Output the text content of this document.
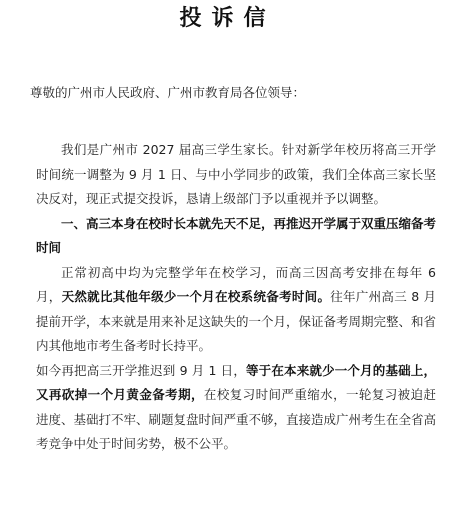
投诉信
尊敬的广州市人民政府、广州市教育局各位领导：

我们是广州市 2027 届高三学生家长。针对新学年校历将高三开学时间统一调整为 9 月 1 日、与中小学同步的政策，我们全体高三家长坚决反对，现正式提交投诉，恳请上级部门予以重视并予以调整。

一、高三本身在校时长本就先天不足，再推迟开学属于双重压缩备考时间

正常初高中均为完整学年在校学习，而高三因高考安排在每年 6 月，天然就比其他年级少一个月在校系统备考时间。往年广州高三 8 月提前开学，本来就是用来补足这缺失的一个月，保证备考周期完整、和省内其他地市考生备考时长持平。

如今再把高三开学推迟到 9 月 1 日，等于在本来就少一个月的基础上，又再砍掉一个月黄金备考期，在校复习时间严重缩水，一轮复习被迫赶进度、基础打不牢、刷题复盘时间严重不够，直接造成广州考生在全省高考竞争中处于时间劣势，极不公平。
